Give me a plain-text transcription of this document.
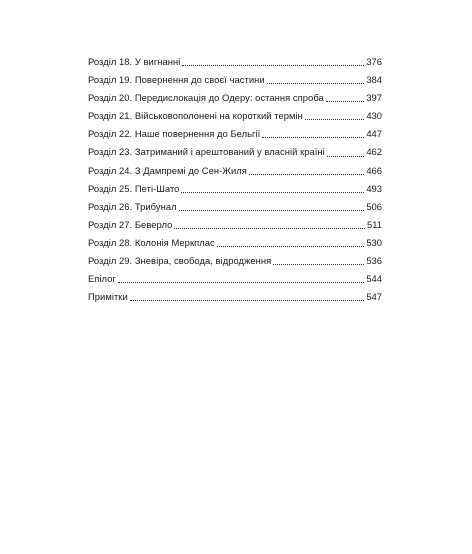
Розділ 18. У вигнанні	376
Розділ 19. Повернення до своєї частини	384
Розділ 20. Передислокація до Одеру: остання спроба	397
Розділ 21. Військовополонені на короткий термін	430
Розділ 22. Наше повернення до Бельгії	447
Розділ 23. Затриманий і арештований у власній країні	462
Розділ 24. З Дампремі до Сен-Жиля	466
Розділ 25. Петі-Шато	493
Розділ 26. Трибунал	506
Розділ 27. Беверло	511
Розділ 28. Колонія Меркплас	530
Розділ 29. Зневіра, свобода, відродження	536
Епілог	544
Примітки	547
